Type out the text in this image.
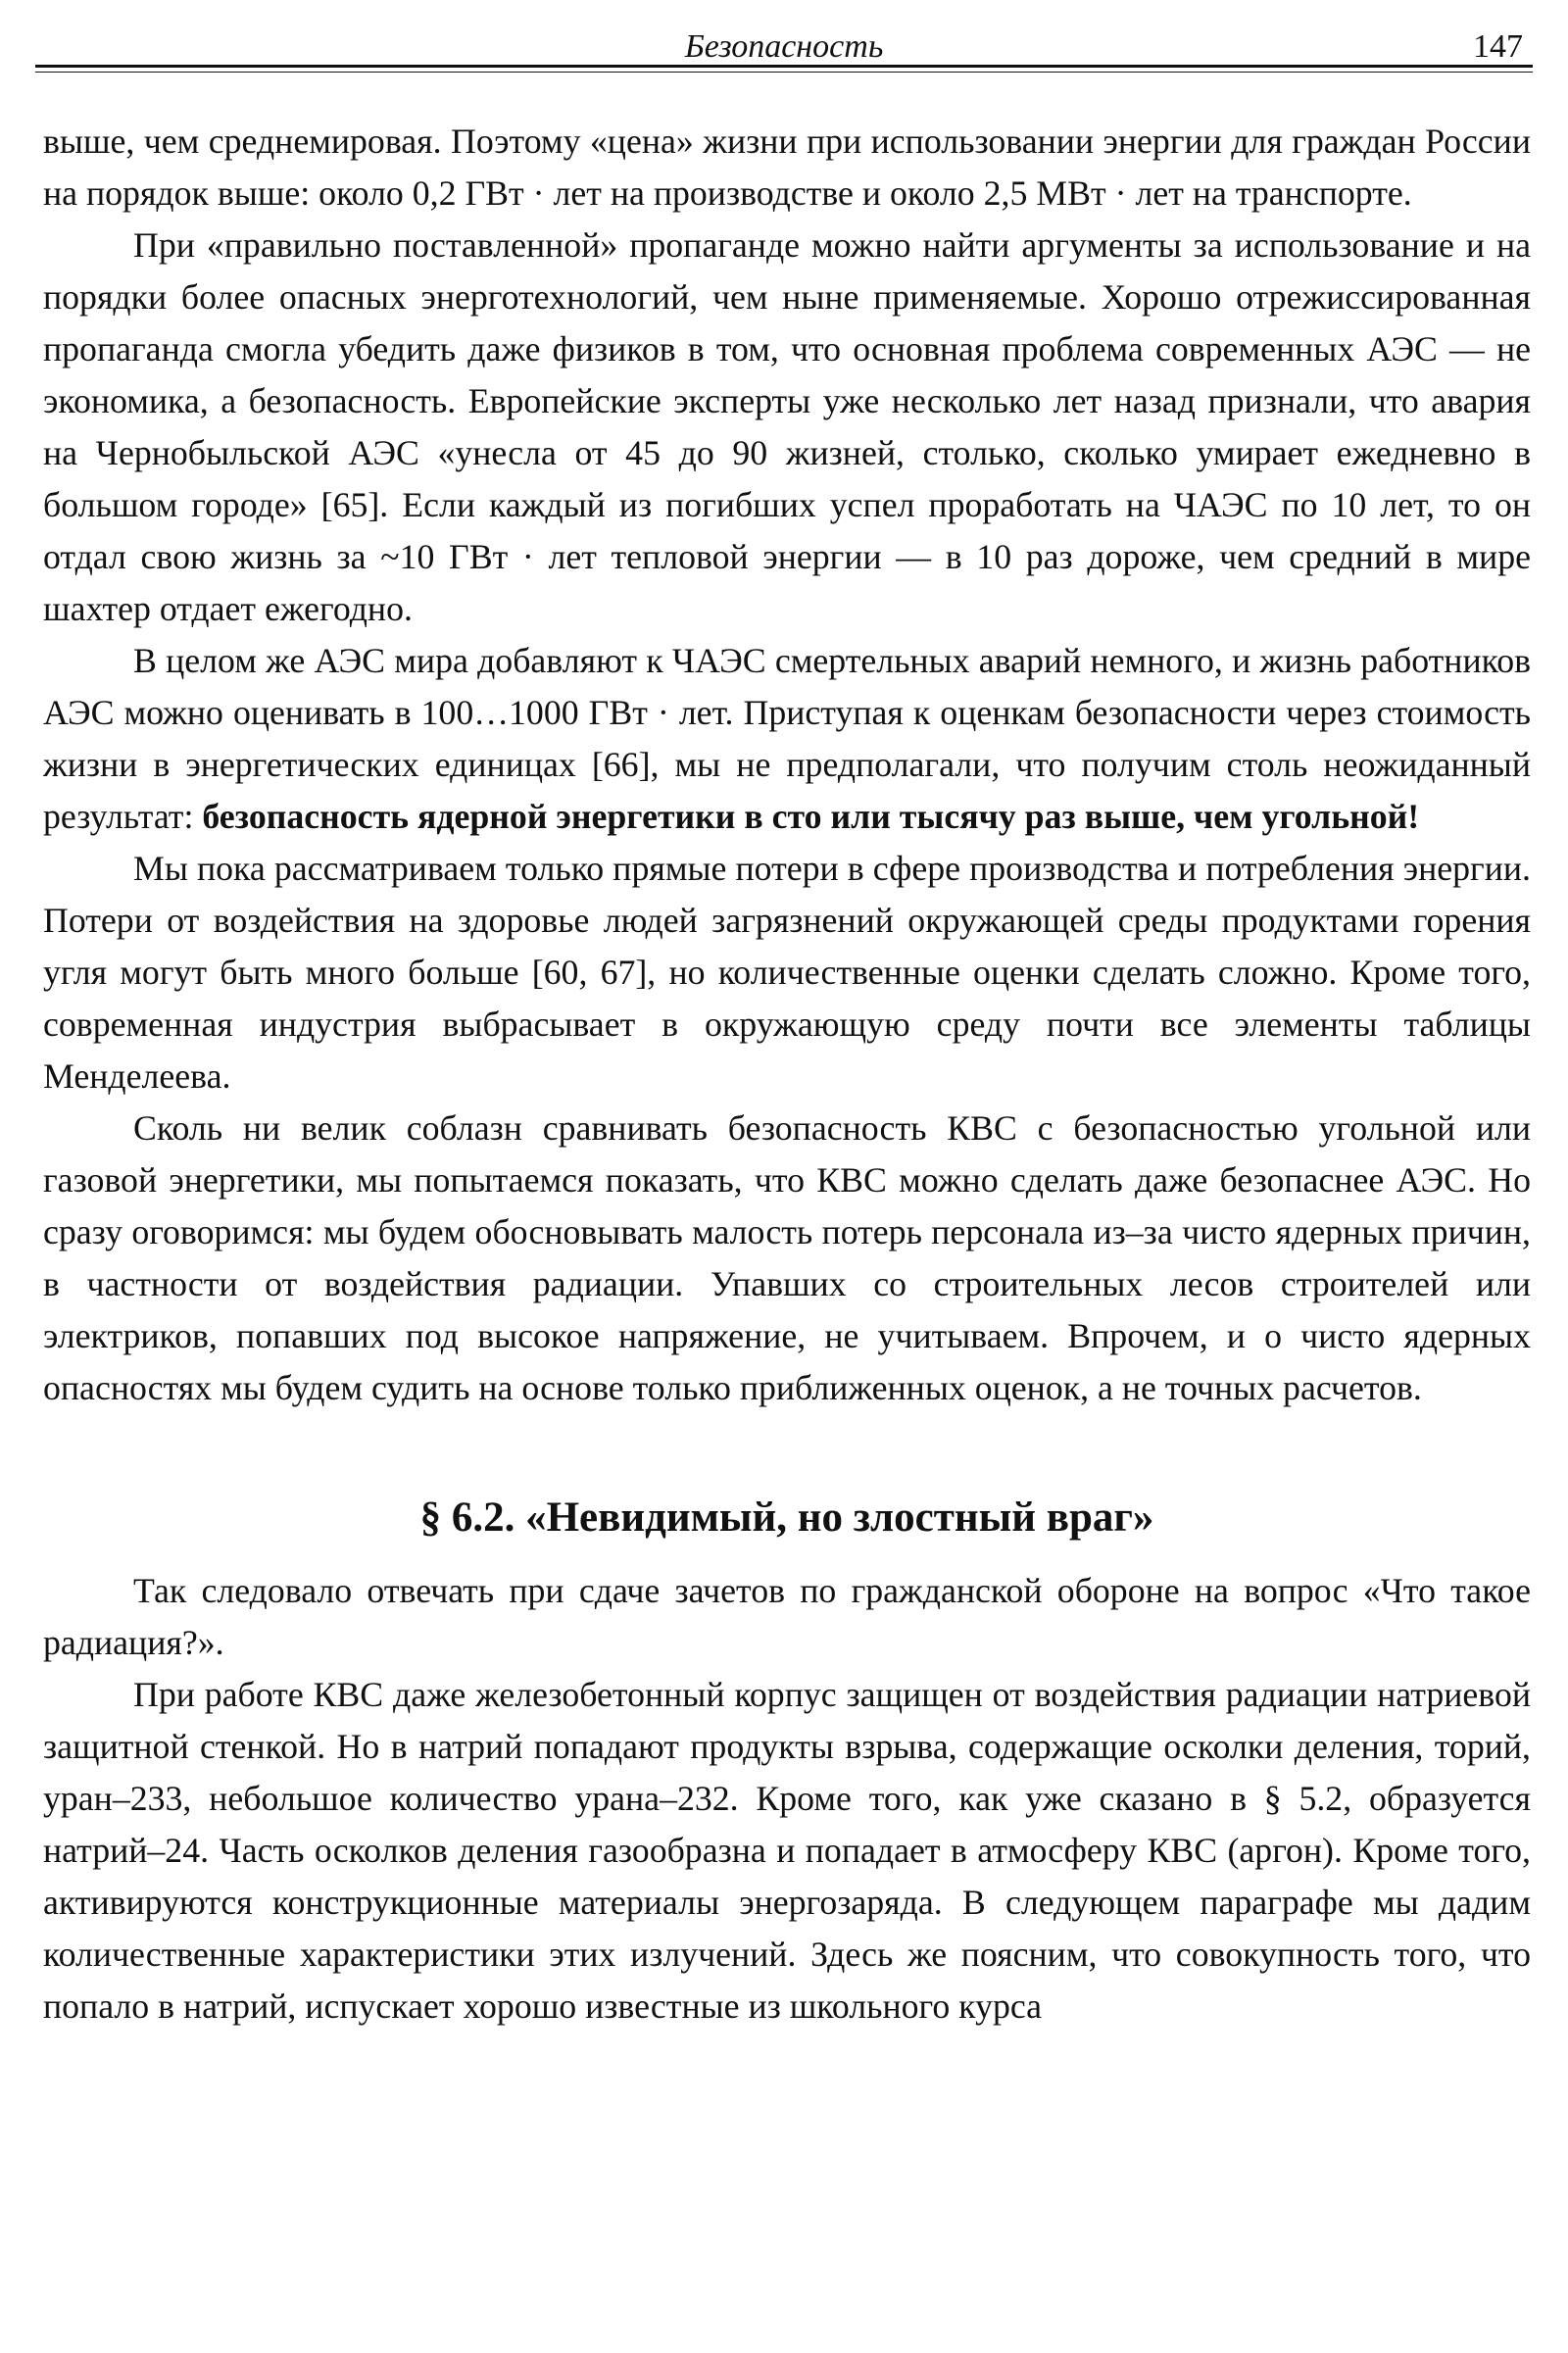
Безопасность	147

выше, чем среднемировая. Поэтому «цена» жизни при использовании энергии для граждан России на порядок выше: около 0,2 ГВт · лет на производстве и около 2,5 МВт · лет на транспорте.

При «правильно поставленной» пропаганде можно найти аргументы за использование и на порядки более опасных энерготехнологий, чем ныне применяемые. Хорошо отрежиссированная пропаганда смогла убедить даже физиков в том, что основная проблема современных АЭС — не экономика, а безопасность. Европейские эксперты уже несколько лет назад признали, что авария на Чернобыльской АЭС «унесла от 45 до 90 жизней, столько, сколько умирает ежедневно в большом городе» [65]. Если каждый из погибших успел проработать на ЧАЭС по 10 лет, то он отдал свою жизнь за ~10 ГВт · лет тепловой энергии — в 10 раз дороже, чем средний в мире шахтер отдает ежегодно.

В целом же АЭС мира добавляют к ЧАЭС смертельных аварий немного, и жизнь работников АЭС можно оценивать в 100…1000 ГВт · лет. Приступая к оценкам безопасности через стоимость жизни в энергетических единицах [66], мы не предполагали, что получим столь неожиданный результат: безопасность ядерной энергетики в сто или тысячу раз выше, чем угольной!

Мы пока рассматриваем только прямые потери в сфере производства и потребления энергии. Потери от воздействия на здоровье людей загрязнений окружающей среды продуктами горения угля могут быть много больше [60, 67], но количественные оценки сделать сложно. Кроме того, современная индустрия выбрасывает в окружающую среду почти все элементы таблицы Менделеева.

Сколь ни велик соблазн сравнивать безопасность КВС с безопасностью угольной или газовой энергетики, мы попытаемся показать, что КВС можно сделать даже безопаснее АЭС. Но сразу оговоримся: мы будем обосновывать малость потерь персонала из–за чисто ядерных причин, в частности от воздействия радиации. Упавших со строительных лесов строителей или электриков, попавших под высокое напряжение, не учитываем. Впрочем, и о чисто ядерных опасностях мы будем судить на основе только приближенных оценок, а не точных расчетов.

§ 6.2. «Невидимый, но злостный враг»

Так следовало отвечать при сдаче зачетов по гражданской обороне на вопрос «Что такое радиация?».

При работе КВС даже железобетонный корпус защищен от воздействия радиации натриевой защитной стенкой. Но в натрий попадают продукты взрыва, содержащие осколки деления, торий, уран–233, небольшое количество урана–232. Кроме того, как уже сказано в § 5.2, образуется натрий–24. Часть осколков деления газообразна и попадает в атмосферу КВС (аргон). Кроме того, активируются конструкционные материалы энергозаряда. В следующем параграфе мы дадим количественные характеристики этих излучений. Здесь же поясним, что совокупность того, что попало в натрий, испускает хорошо известные из школьного курса
